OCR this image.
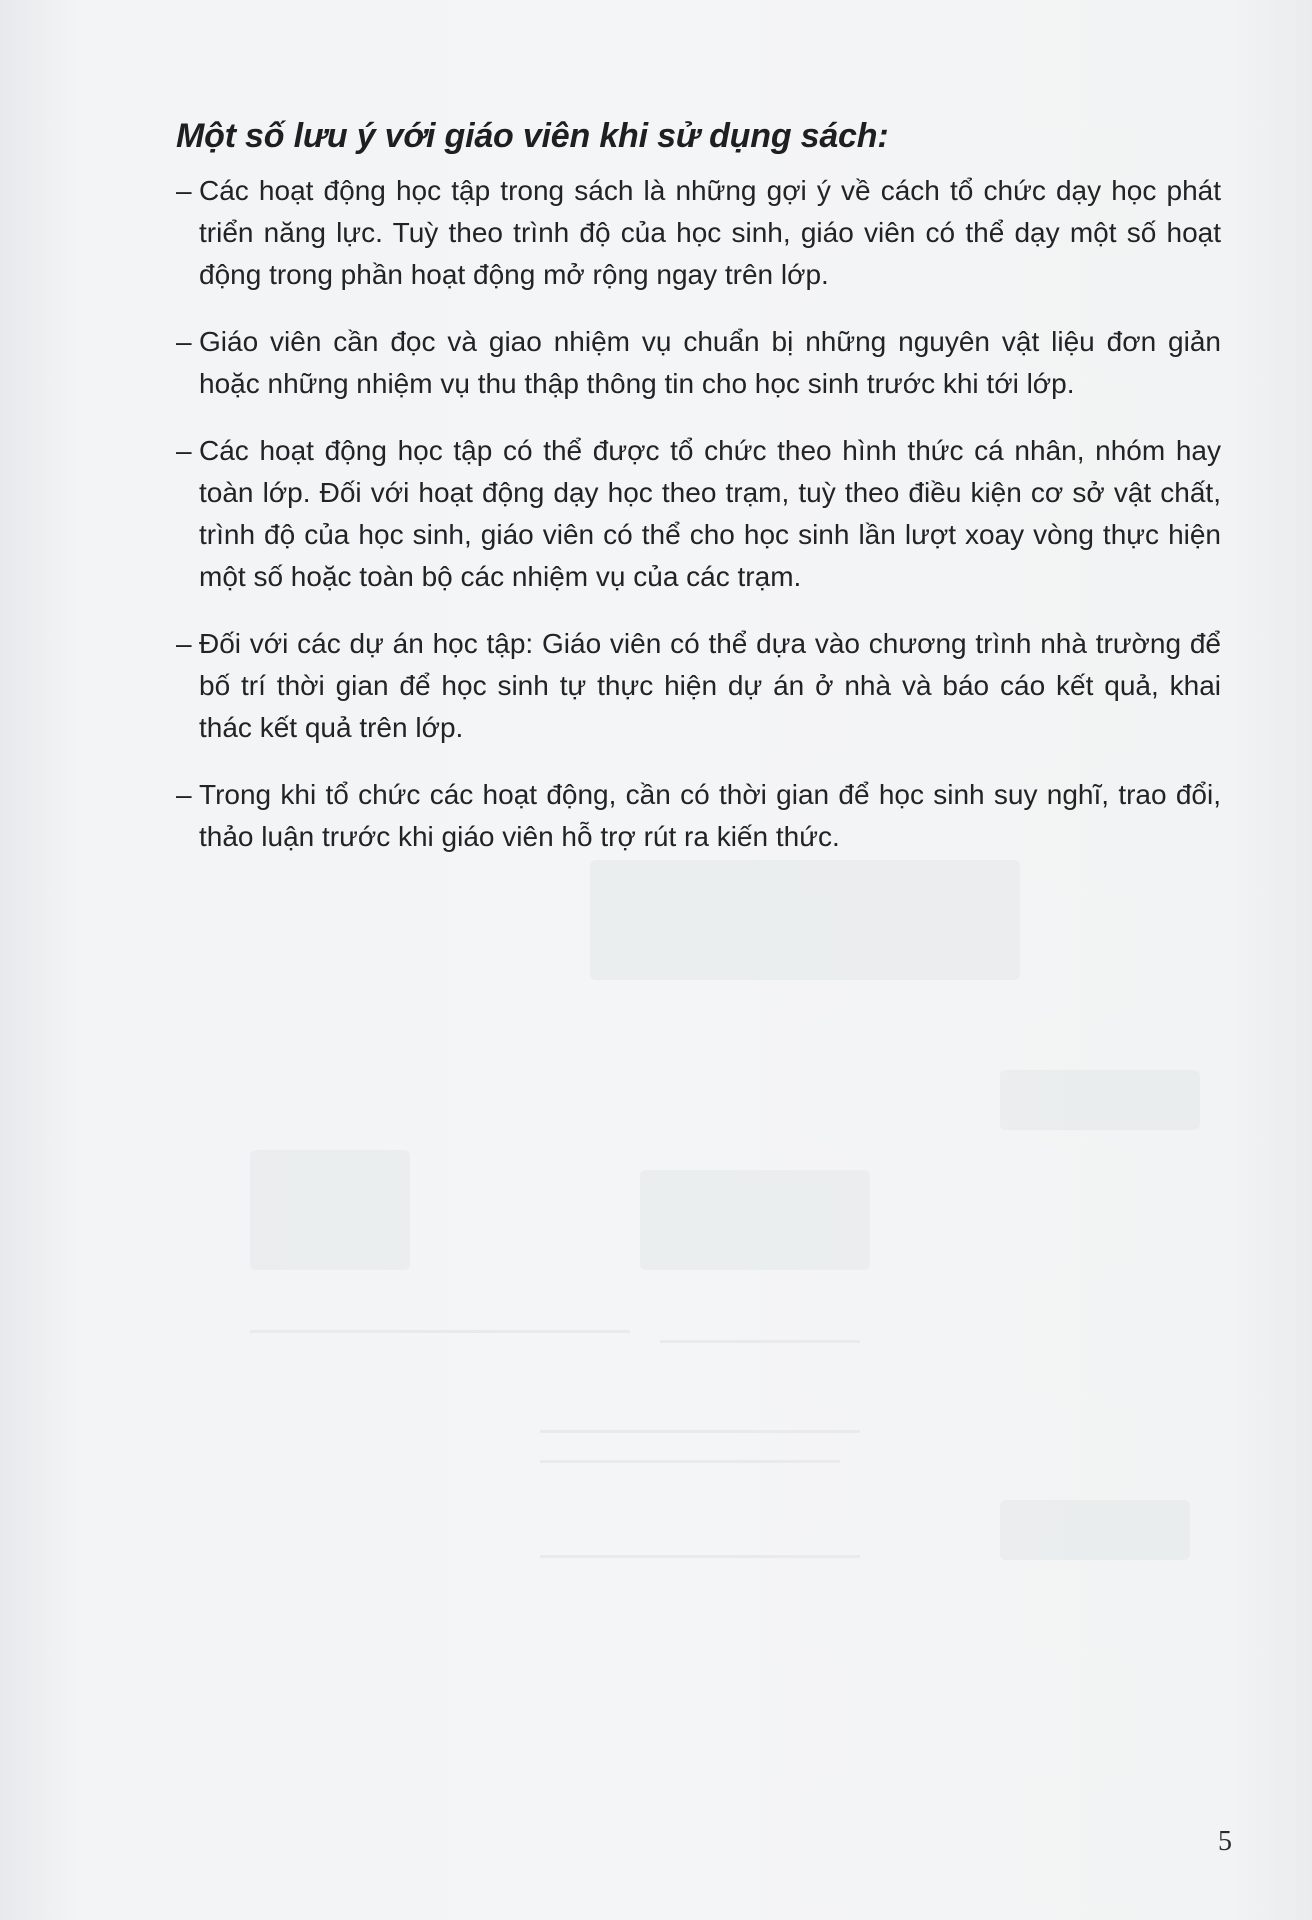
Một số lưu ý với giáo viên khi sử dụng sách:
– Các hoạt động học tập trong sách là những gợi ý về cách tổ chức dạy học phát triển năng lực. Tuỳ theo trình độ của học sinh, giáo viên có thể dạy một số hoạt động trong phần hoạt động mở rộng ngay trên lớp.
– Giáo viên cần đọc và giao nhiệm vụ chuẩn bị những nguyên vật liệu đơn giản hoặc những nhiệm vụ thu thập thông tin cho học sinh trước khi tới lớp.
– Các hoạt động học tập có thể được tổ chức theo hình thức cá nhân, nhóm hay toàn lớp. Đối với hoạt động dạy học theo trạm, tuỳ theo điều kiện cơ sở vật chất, trình độ của học sinh, giáo viên có thể cho học sinh lần lượt xoay vòng thực hiện một số hoặc toàn bộ các nhiệm vụ của các trạm.
– Đối với các dự án học tập: Giáo viên có thể dựa vào chương trình nhà trường để bố trí thời gian để học sinh tự thực hiện dự án ở nhà và báo cáo kết quả, khai thác kết quả trên lớp.
– Trong khi tổ chức các hoạt động, cần có thời gian để học sinh suy nghĩ, trao đổi, thảo luận trước khi giáo viên hỗ trợ rút ra kiến thức.
5
